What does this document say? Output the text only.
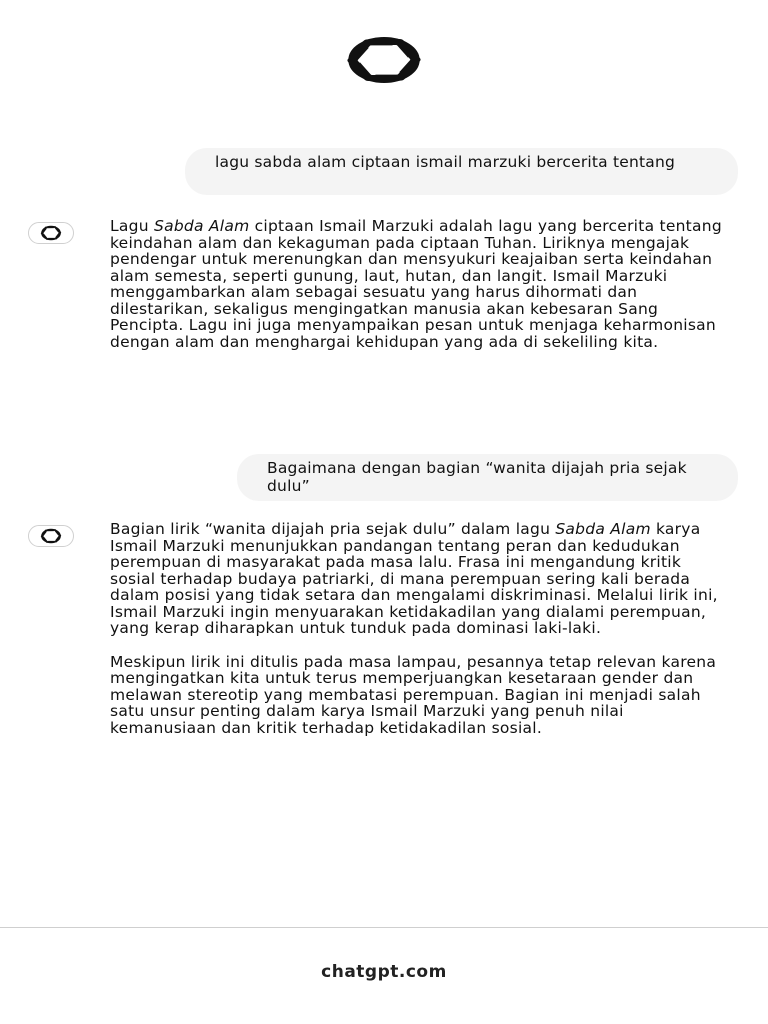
lagu sabda alam ciptaan ismail marzuki bercerita tentang

Lagu Sabda Alam ciptaan Ismail Marzuki adalah lagu yang bercerita tentang keindahan alam dan kekaguman pada ciptaan Tuhan. Liriknya mengajak pendengar untuk merenungkan dan mensyukuri keajaiban serta keindahan alam semesta, seperti gunung, laut, hutan, dan langit. Ismail Marzuki menggambarkan alam sebagai sesuatu yang harus dihormati dan dilestarikan, sekaligus mengingatkan manusia akan kebesaran Sang Pencipta. Lagu ini juga menyampaikan pesan untuk menjaga keharmonisan dengan alam dan menghargai kehidupan yang ada di sekeliling kita.

Bagaimana dengan bagian “wanita dijajah pria sejak dulu”

Bagian lirik “wanita dijajah pria sejak dulu” dalam lagu Sabda Alam karya Ismail Marzuki menunjukkan pandangan tentang peran dan kedudukan perempuan di masyarakat pada masa lalu. Frasa ini mengandung kritik sosial terhadap budaya patriarki, di mana perempuan sering kali berada dalam posisi yang tidak setara dan mengalami diskriminasi. Melalui lirik ini, Ismail Marzuki ingin menyuarakan ketidakadilan yang dialami perempuan, yang kerap diharapkan untuk tunduk pada dominasi laki-laki.

Meskipun lirik ini ditulis pada masa lampau, pesannya tetap relevan karena mengingatkan kita untuk terus memperjuangkan kesetaraan gender dan melawan stereotip yang membatasi perempuan. Bagian ini menjadi salah satu unsur penting dalam karya Ismail Marzuki yang penuh nilai kemanusiaan dan kritik terhadap ketidakadilan sosial.

chatgpt.com
